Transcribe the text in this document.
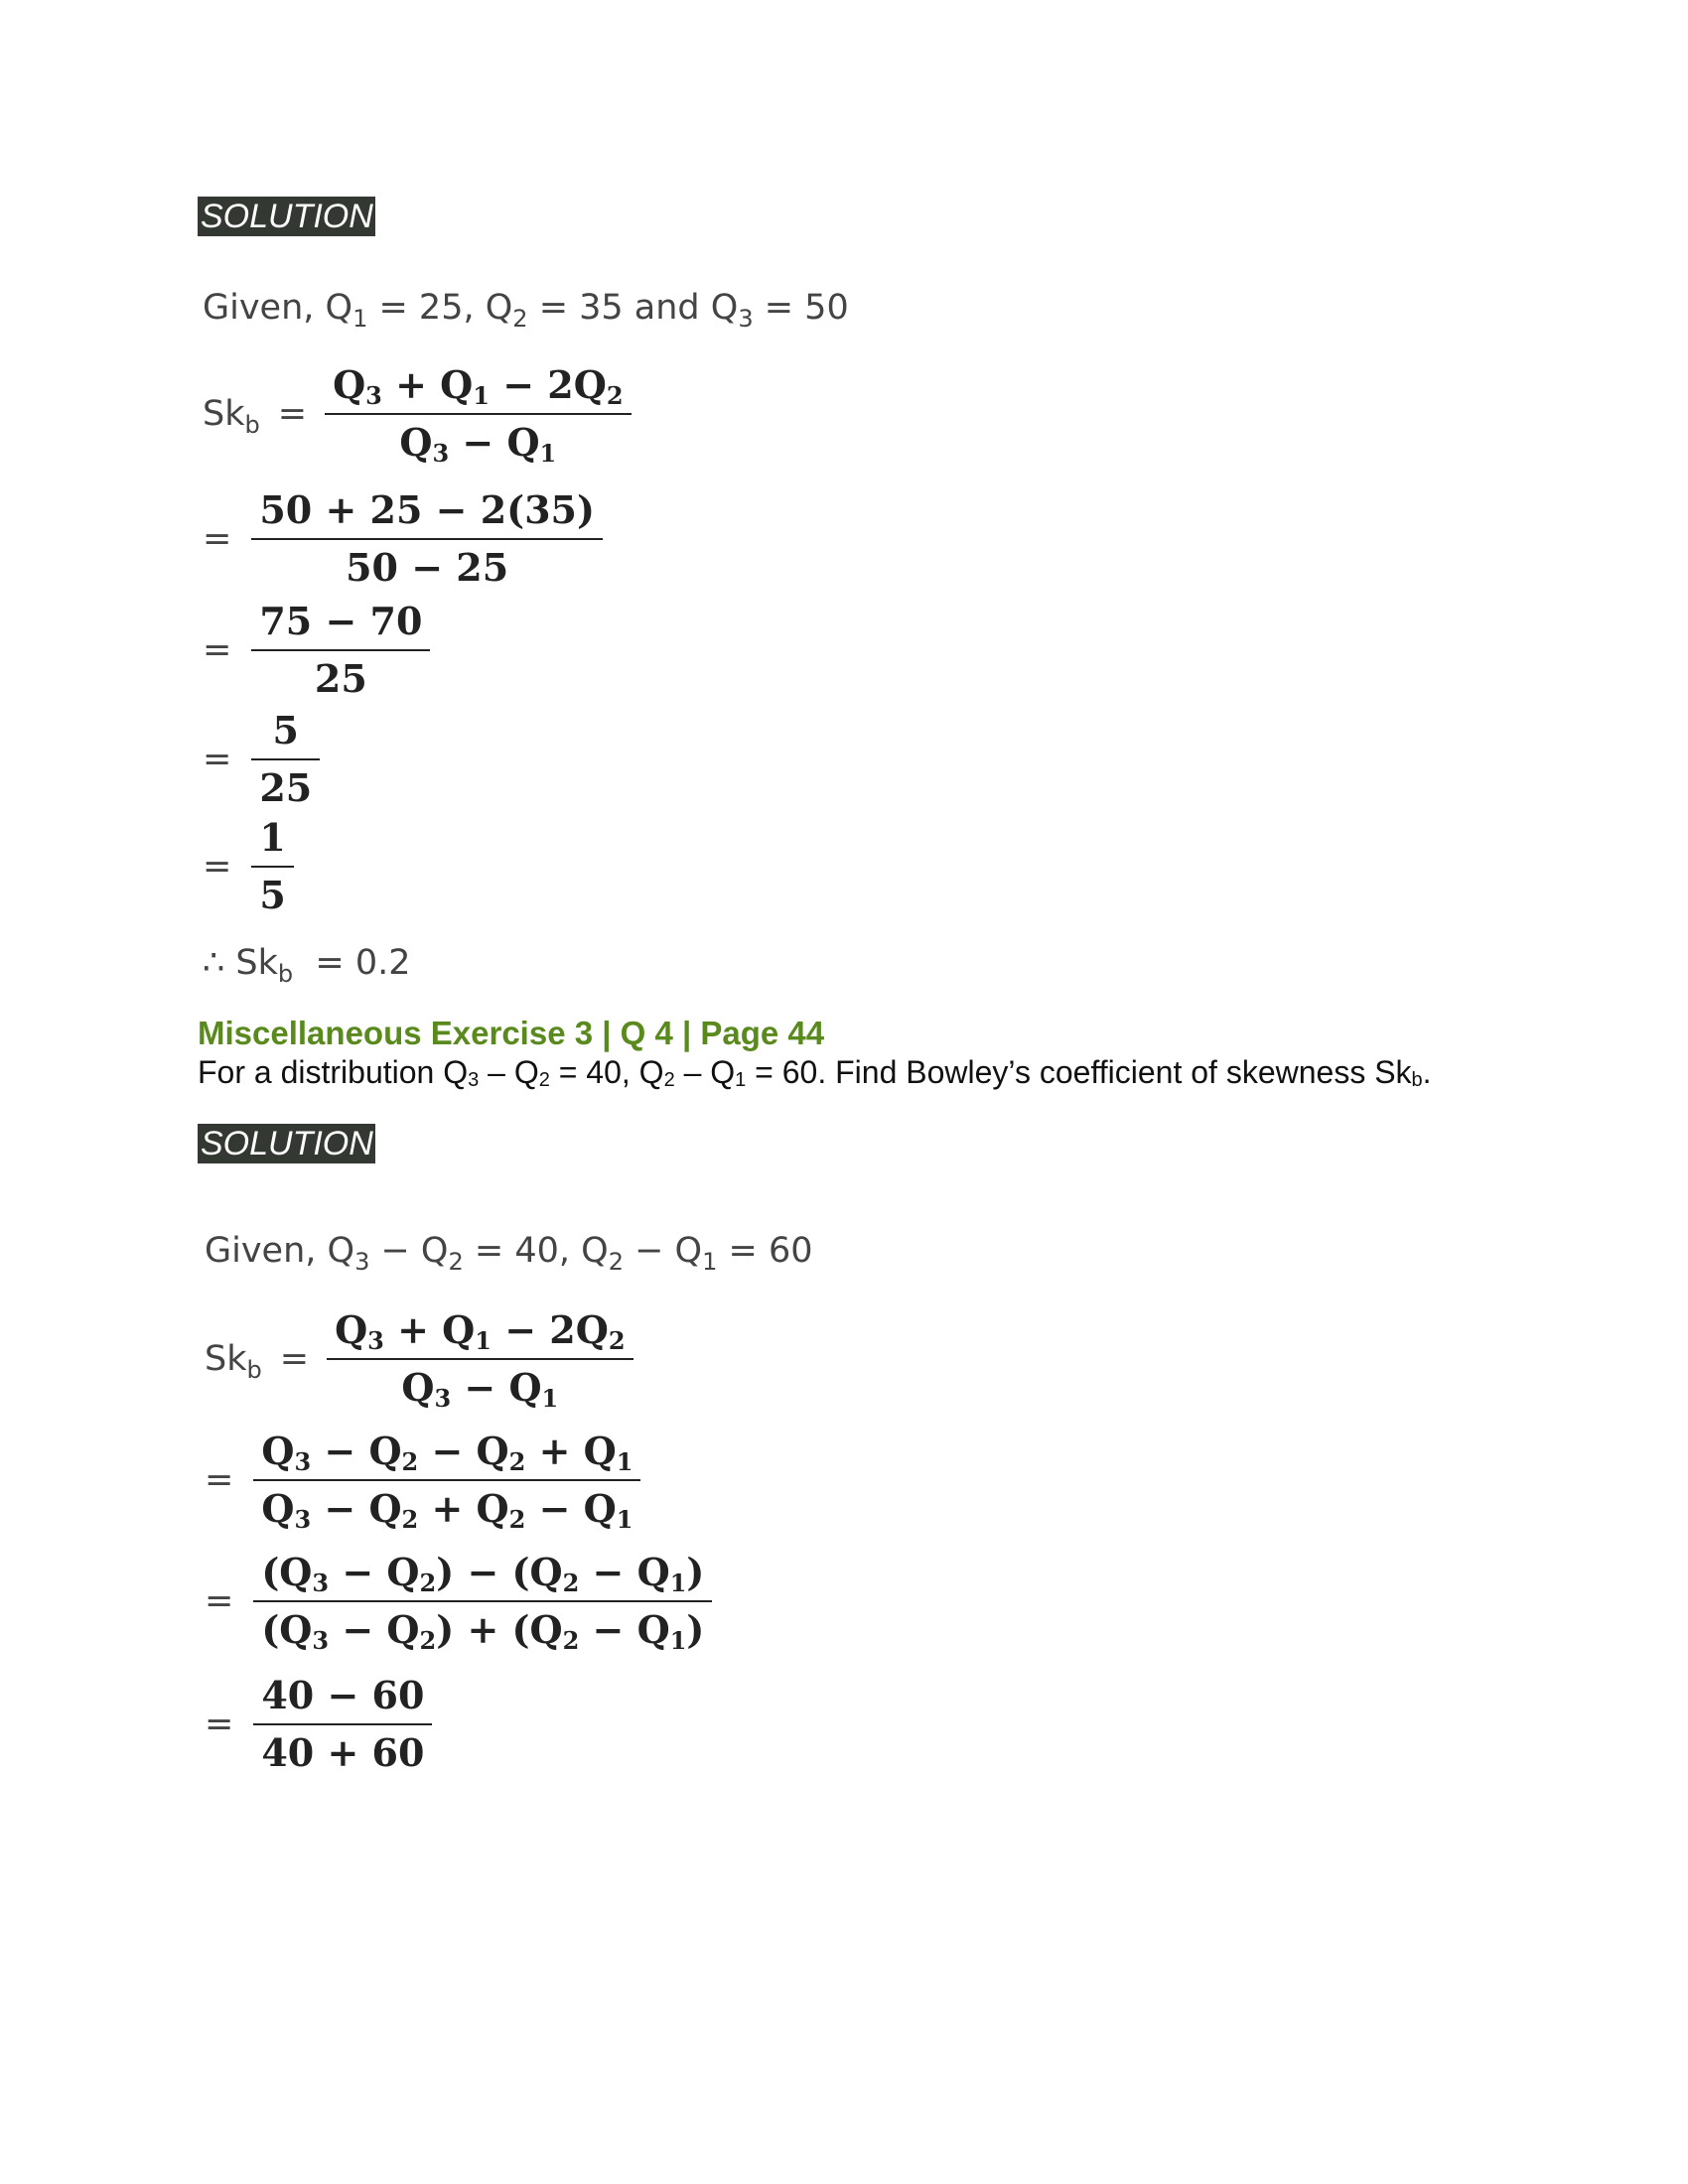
SOLUTION
Given, $Q_1 = 25$, $Q_2 = 35$ and $Q_3 = 50$
$Sk_b = \frac{Q_3 + Q_1 - 2Q_2}{Q_3 - Q_1}$
= $\frac{50 + 25 - 2(35)}{50 - 25}$
= $\frac{75 - 70}{25}$
= $\frac{5}{25}$
= $\frac{1}{5}$
∴ $Sk_b = 0.2$
Miscellaneous Exercise 3 | Q 4 | Page 44
For a distribution $Q_3 - Q_2 = 40$, $Q_2 - Q_1 = 60$. Find Bowley’s coefficient of skewness $Sk_b$.
SOLUTION
Given, $Q_3 - Q_2 = 40$, $Q_2 - Q_1 = 60$
$Sk_b = \frac{Q_3 + Q_1 - 2Q_2}{Q_3 - Q_1}$
= $\frac{Q_3 - Q_2 - Q_2 + Q_1}{Q_3 - Q_2 + Q_2 - Q_1}$
= $\frac{(Q_3 - Q_2) - (Q_2 - Q_1)}{(Q_3 - Q_2) + (Q_2 - Q_1)}$
= $\frac{40 - 60}{40 + 60}$
